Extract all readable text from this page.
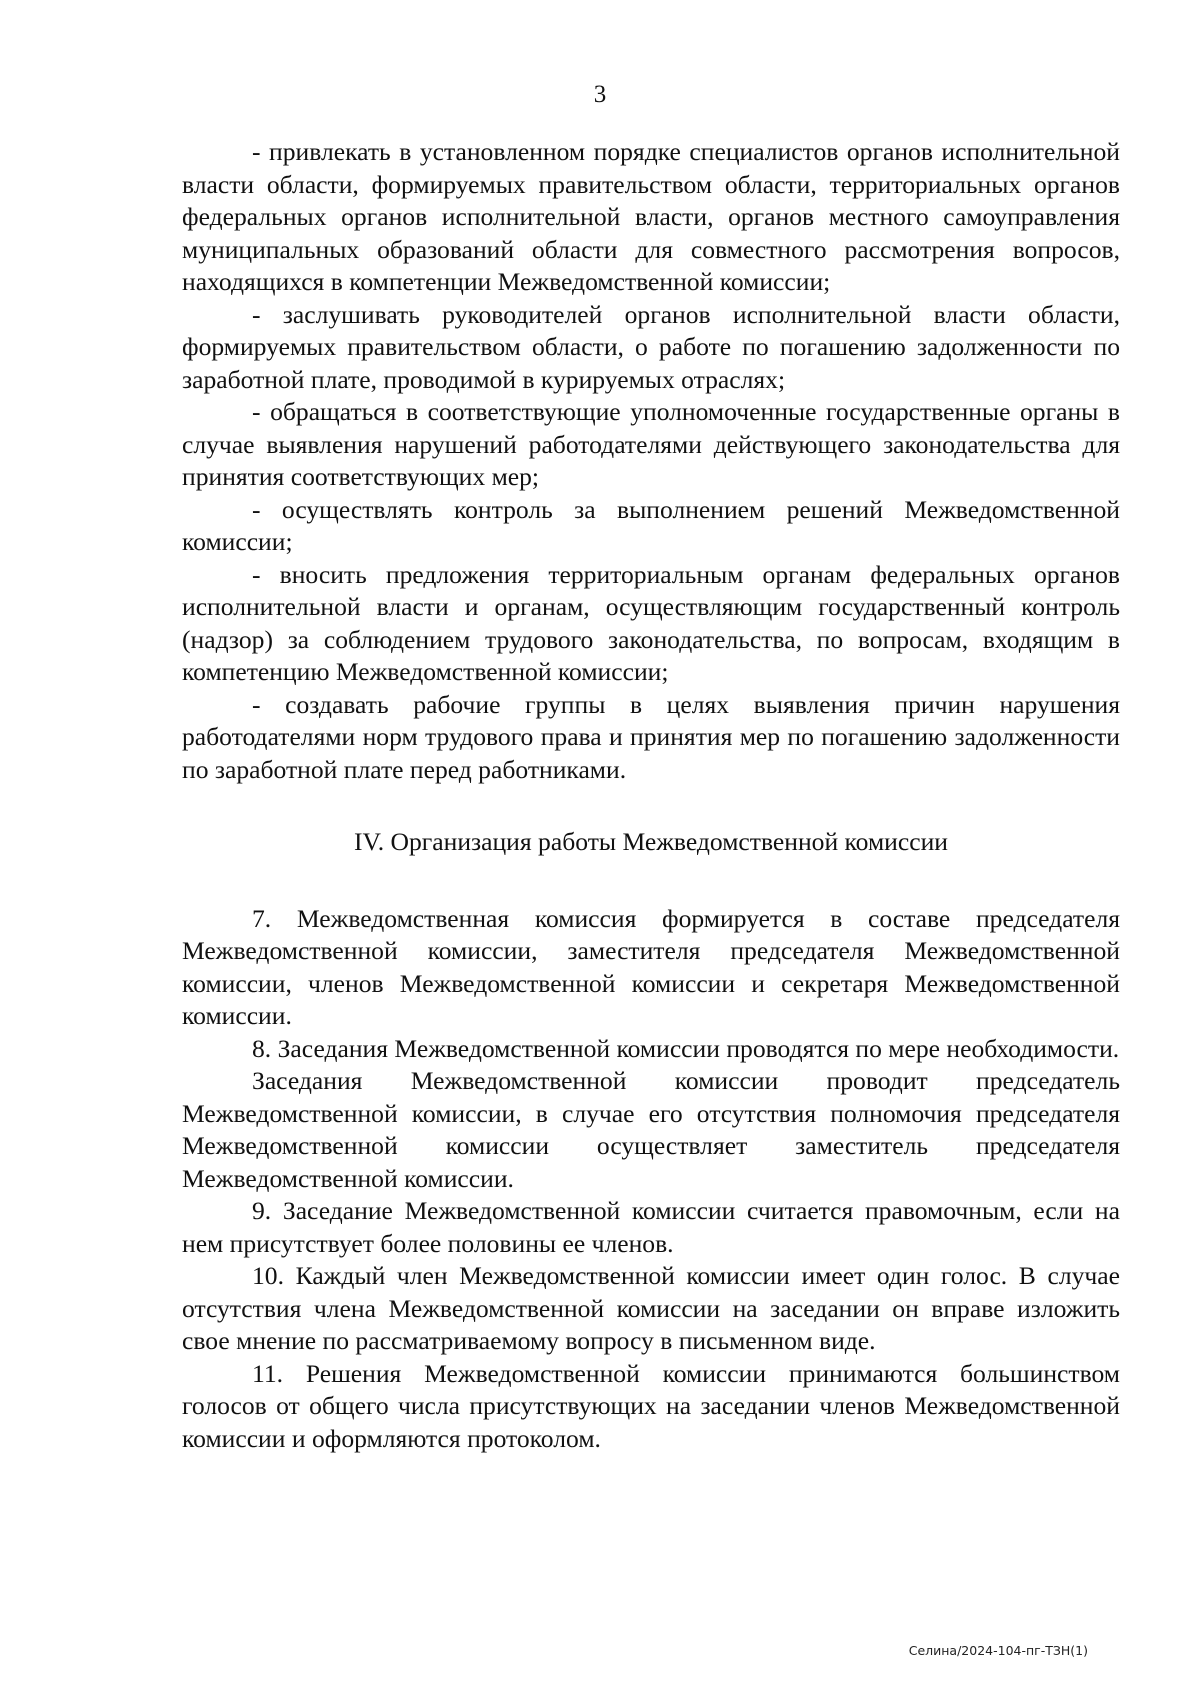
3

- привлекать в установленном порядке специалистов органов исполнительной власти области, формируемых правительством области, территориальных органов федеральных органов исполнительной власти, органов местного самоуправления муниципальных образований области для совместного рассмотрения вопросов, находящихся в компетенции Межведомственной комиссии;

- заслушивать руководителей органов исполнительной власти области, формируемых правительством области, о работе по погашению задолженности по заработной плате, проводимой в курируемых отраслях;

- обращаться в соответствующие уполномоченные государственные органы в случае выявления нарушений работодателями действующего законодательства для принятия соответствующих мер;

- осуществлять контроль за выполнением решений Межведомственной комиссии;

- вносить предложения территориальным органам федеральных органов исполнительной власти и органам, осуществляющим государственный контроль (надзор) за соблюдением трудового законодательства, по вопросам, входящим в компетенцию Межведомственной комиссии;

- создавать рабочие группы в целях выявления причин нарушения работодателями норм трудового права и принятия мер по погашению задолженности по заработной плате перед работниками.

IV. Организация работы Межведомственной комиссии

7. Межведомственная комиссия формируется в составе председателя Межведомственной комиссии, заместителя председателя Межведомственной комиссии, членов Межведомственной комиссии и секретаря Межведомственной комиссии.

8. Заседания Межведомственной комиссии проводятся по мере необходимости.

Заседания Межведомственной комиссии проводит председатель Межведомственной комиссии, в случае его отсутствия полномочия председателя Межведомственной комиссии осуществляет заместитель председателя Межведомственной комиссии.

9. Заседание Межведомственной комиссии считается правомочным, если на нем присутствует более половины ее членов.

10. Каждый член Межведомственной комиссии имеет один голос. В случае отсутствия члена Межведомственной комиссии на заседании он вправе изложить свое мнение по рассматриваемому вопросу в письменном виде.

11. Решения Межведомственной комиссии принимаются большинством голосов от общего числа присутствующих на заседании членов Межведомственной комиссии и оформляются протоколом.

Селина/2024-104-пг-ТЗН(1)
